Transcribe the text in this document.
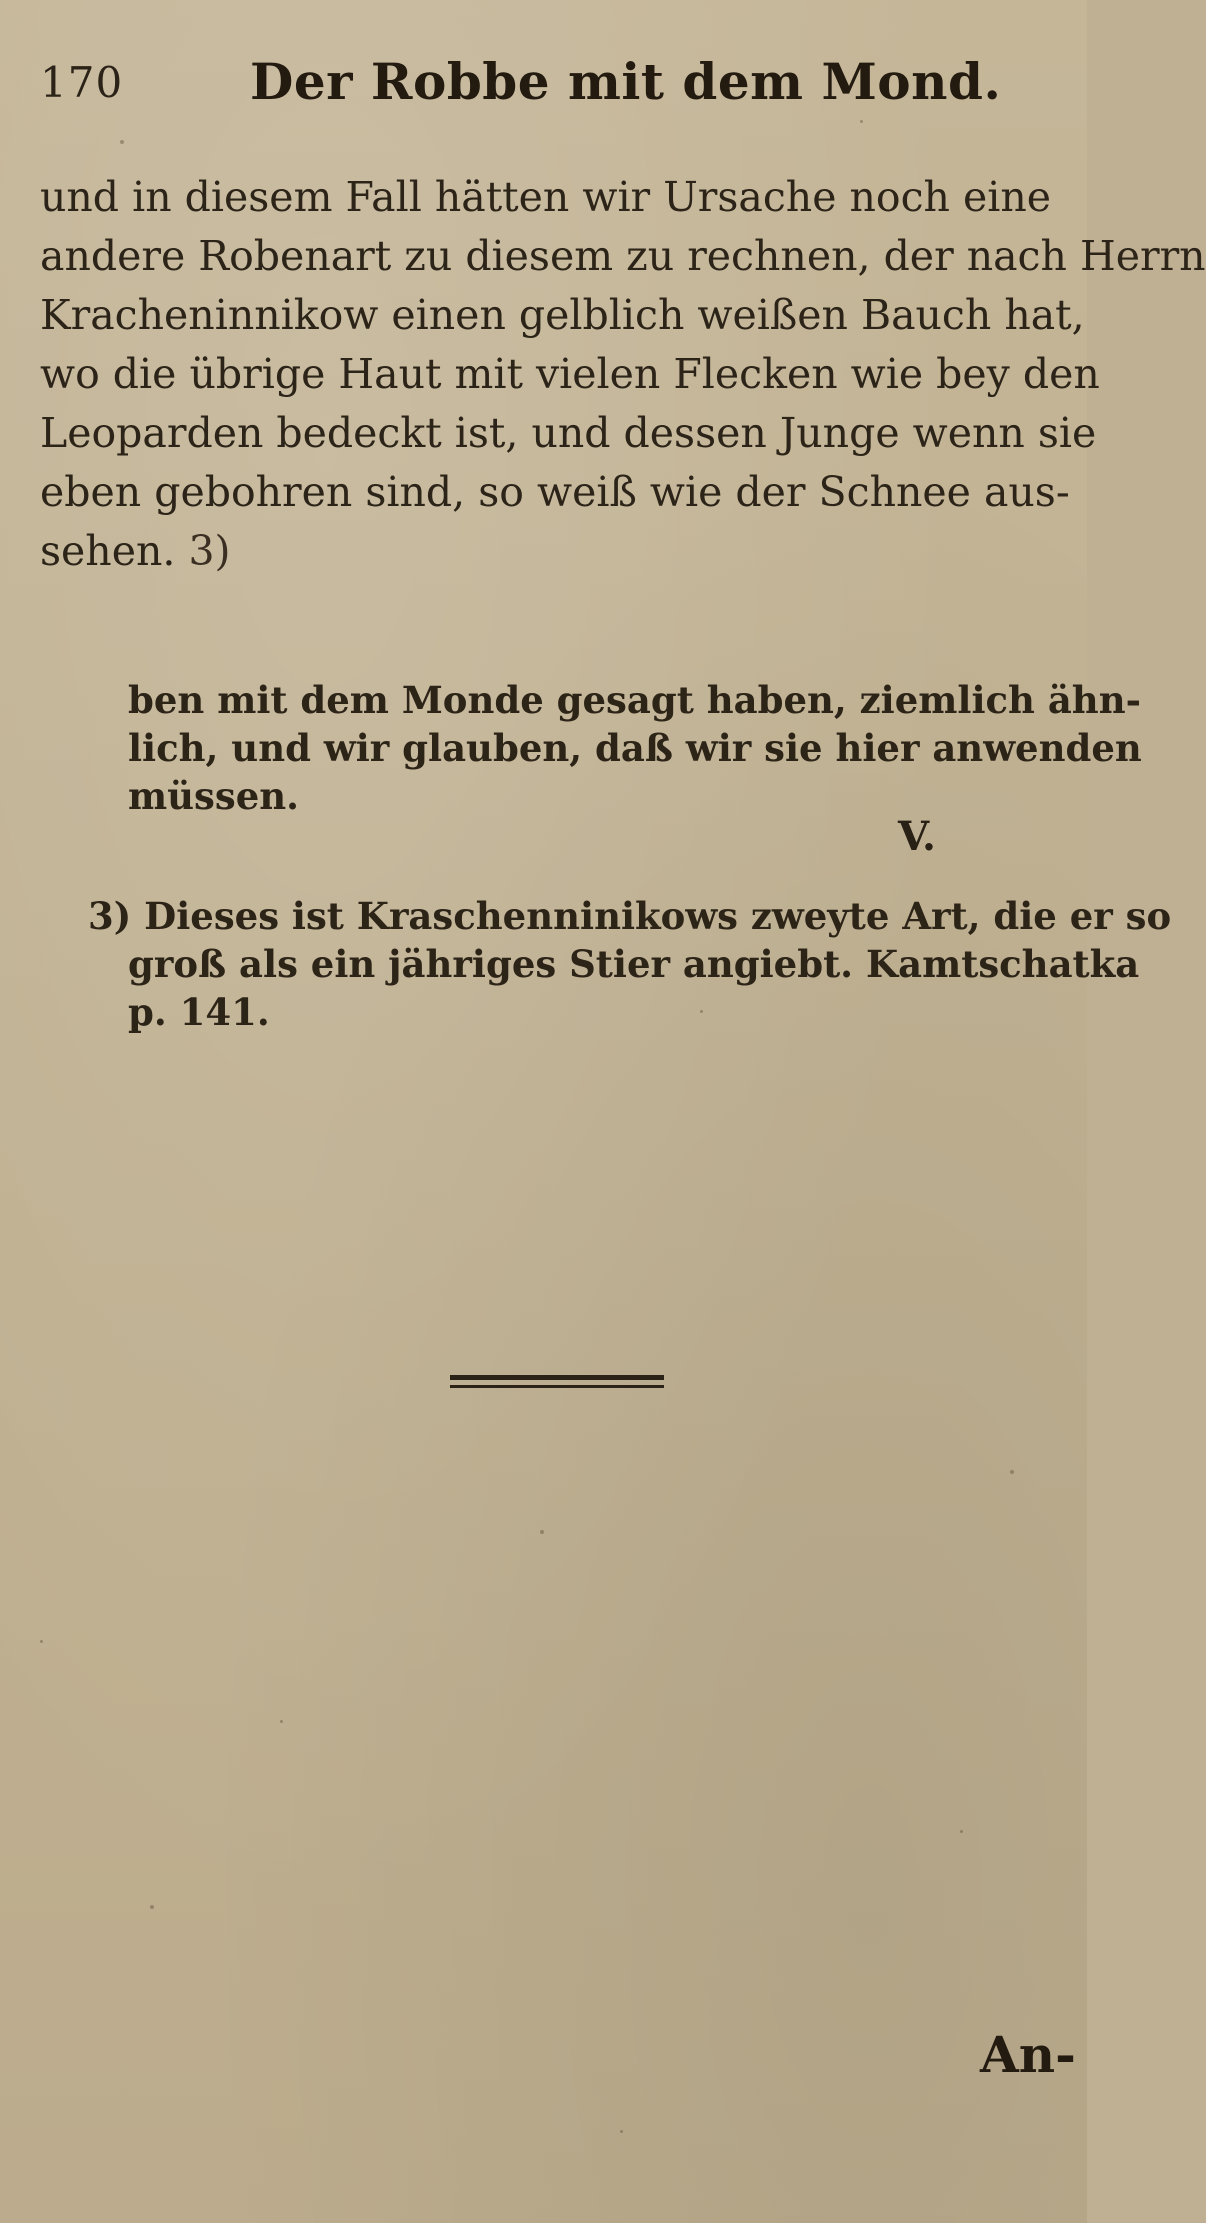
170	Der Robbe mit dem Mond.
und in diesem Fall hätten wir Ursache noch eine
andere Robenart zu diesem zu rechnen, der nach Herrn
Kracheninnikow einen gelblich weißen Bauch hat,
wo die übrige Haut mit vielen Flecken wie bey den
Leoparden bedeckt ist, und dessen Junge wenn sie
eben gebohren sind, so weiß wie der Schnee aus-
sehen. 3)
ben mit dem Monde gesagt haben, ziemlich ähn-
lich, und wir glauben, daß wir sie hier anwenden
müssen.
V.
3) Dieses ist Kraschenninikows zweyte Art, die er so
groß als ein jähriges Stier angiebt. Kamtschatka
p. 141.
An-
